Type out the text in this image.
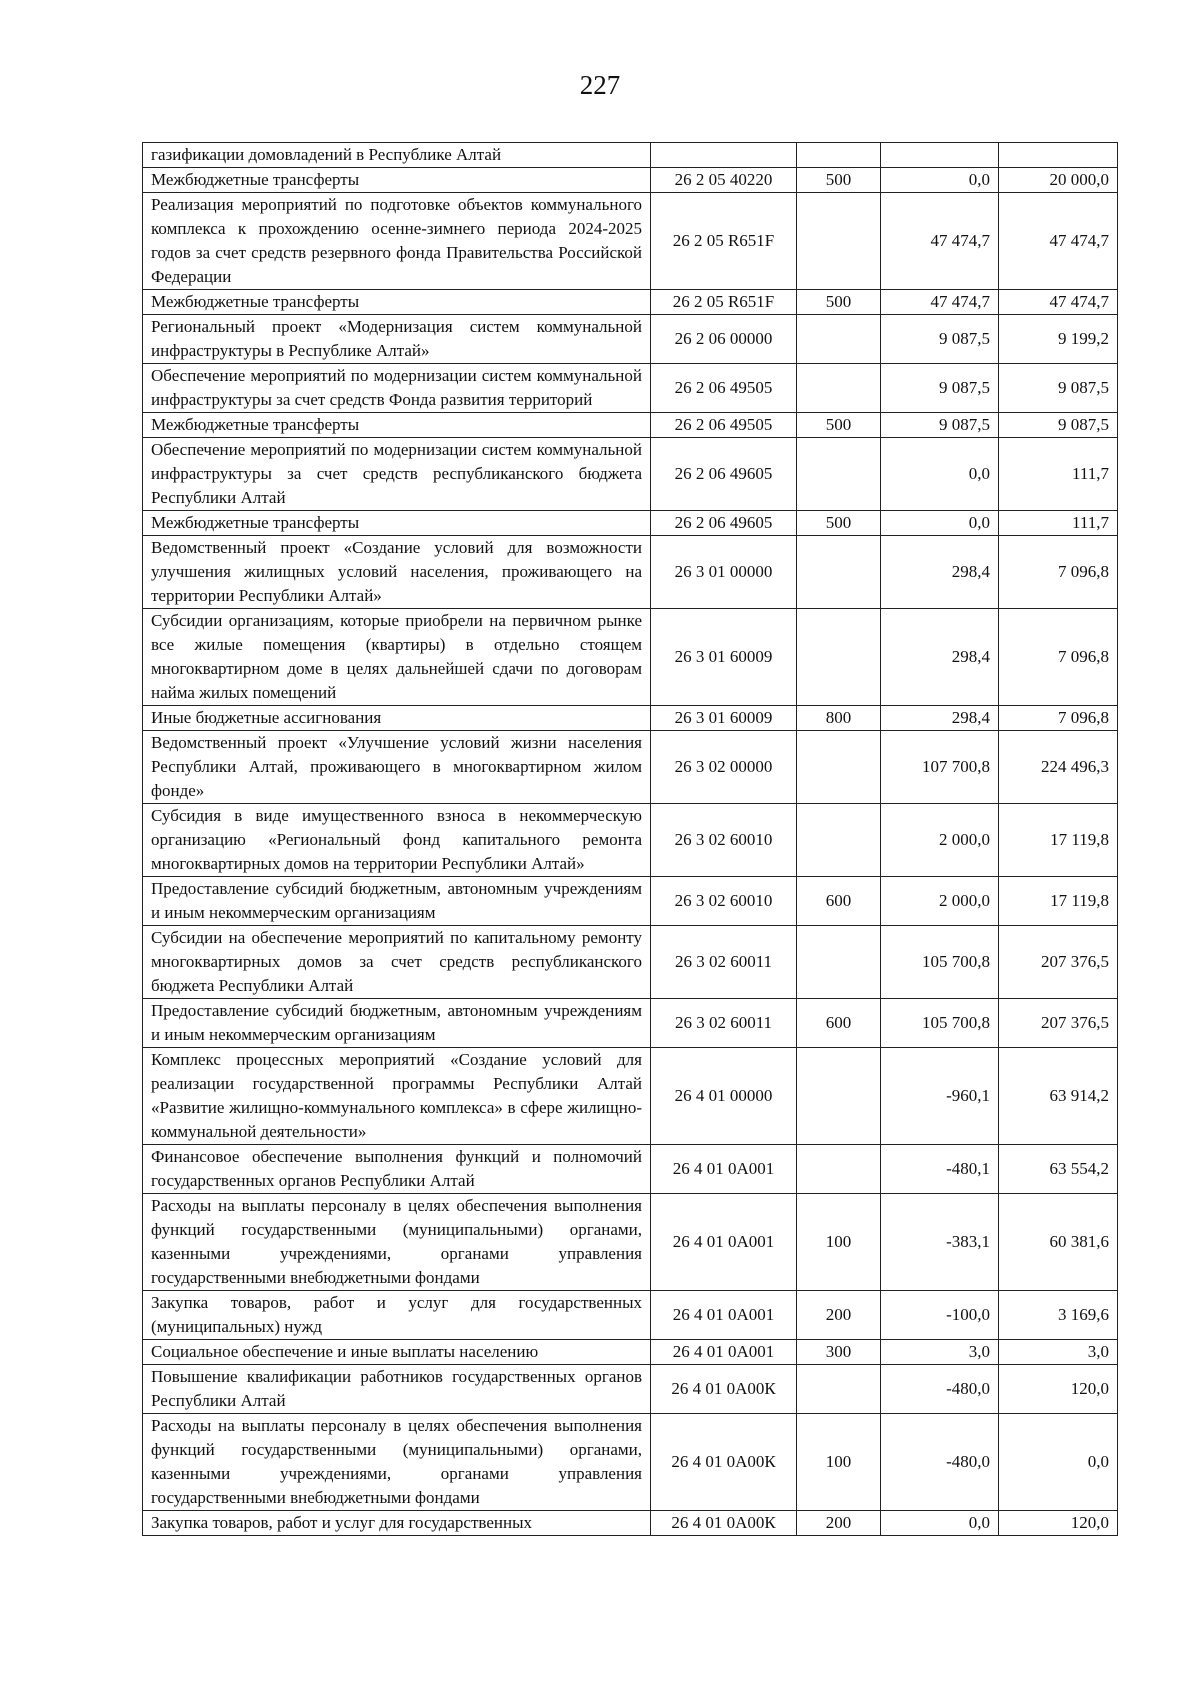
227
газификации домовладений в Республике Алтай				
Межбюджетные трансферты	26 2 05 40220	500	0,0	20 000,0
Реализация мероприятий по подготовке объектов коммунального комплекса к прохождению осенне-зимнего периода 2024-2025 годов за счет средств резервного фонда Правительства Российской Федерации	26 2 05 R651F		47 474,7	47 474,7
Межбюджетные трансферты	26 2 05 R651F	500	47 474,7	47 474,7
Региональный проект «Модернизация систем коммунальной инфраструктуры в Республике Алтай»	26 2 06 00000		9 087,5	9 199,2
Обеспечение мероприятий по модернизации систем коммунальной инфраструктуры за счет средств Фонда развития территорий	26 2 06 49505		9 087,5	9 087,5
Межбюджетные трансферты	26 2 06 49505	500	9 087,5	9 087,5
Обеспечение мероприятий по модернизации систем коммунальной инфраструктуры за счет средств республиканского бюджета Республики Алтай	26 2 06 49605		0,0	111,7
Межбюджетные трансферты	26 2 06 49605	500	0,0	111,7
Ведомственный проект «Создание условий для возможности улучшения жилищных условий населения, проживающего на территории Республики Алтай»	26 3 01 00000		298,4	7 096,8
Субсидии организациям, которые приобрели на первичном рынке все жилые помещения (квартиры) в отдельно стоящем многоквартирном доме в целях дальнейшей сдачи по договорам найма жилых помещений	26 3 01 60009		298,4	7 096,8
Иные бюджетные ассигнования	26 3 01 60009	800	298,4	7 096,8
Ведомственный проект «Улучшение условий жизни населения Республики Алтай, проживающего в многоквартирном жилом фонде»	26 3 02 00000		107 700,8	224 496,3
Субсидия в виде имущественного взноса в некоммерческую организацию «Региональный фонд капитального ремонта многоквартирных домов на территории Республики Алтай»	26 3 02 60010		2 000,0	17 119,8
Предоставление субсидий бюджетным, автономным учреждениям и иным некоммерческим организациям	26 3 02 60010	600	2 000,0	17 119,8
Субсидии на обеспечение мероприятий по капитальному ремонту многоквартирных домов за счет средств республиканского бюджета Республики Алтай	26 3 02 60011		105 700,8	207 376,5
Предоставление субсидий бюджетным, автономным учреждениям и иным некоммерческим организациям	26 3 02 60011	600	105 700,8	207 376,5
Комплекс процессных мероприятий «Создание условий для реализации государственной программы Республики Алтай «Развитие жилищно-коммунального комплекса» в сфере жилищно-коммунальной деятельности»	26 4 01 00000		-960,1	63 914,2
Финансовое обеспечение выполнения функций и полномочий государственных органов Республики Алтай	26 4 01 0А001		-480,1	63 554,2
Расходы на выплаты персоналу в целях обеспечения выполнения функций государственными (муниципальными) органами, казенными учреждениями, органами управления государственными внебюджетными фондами	26 4 01 0А001	100	-383,1	60 381,6
Закупка товаров, работ и услуг для государственных (муниципальных) нужд	26 4 01 0А001	200	-100,0	3 169,6
Социальное обеспечение и иные выплаты населению	26 4 01 0А001	300	3,0	3,0
Повышение квалификации работников государственных органов Республики Алтай	26 4 01 0А00К		-480,0	120,0
Расходы на выплаты персоналу в целях обеспечения выполнения функций государственными (муниципальными) органами, казенными учреждениями, органами управления государственными внебюджетными фондами	26 4 01 0А00К	100	-480,0	0,0
Закупка товаров, работ и услуг для государственных	26 4 01 0А00К	200	0,0	120,0
